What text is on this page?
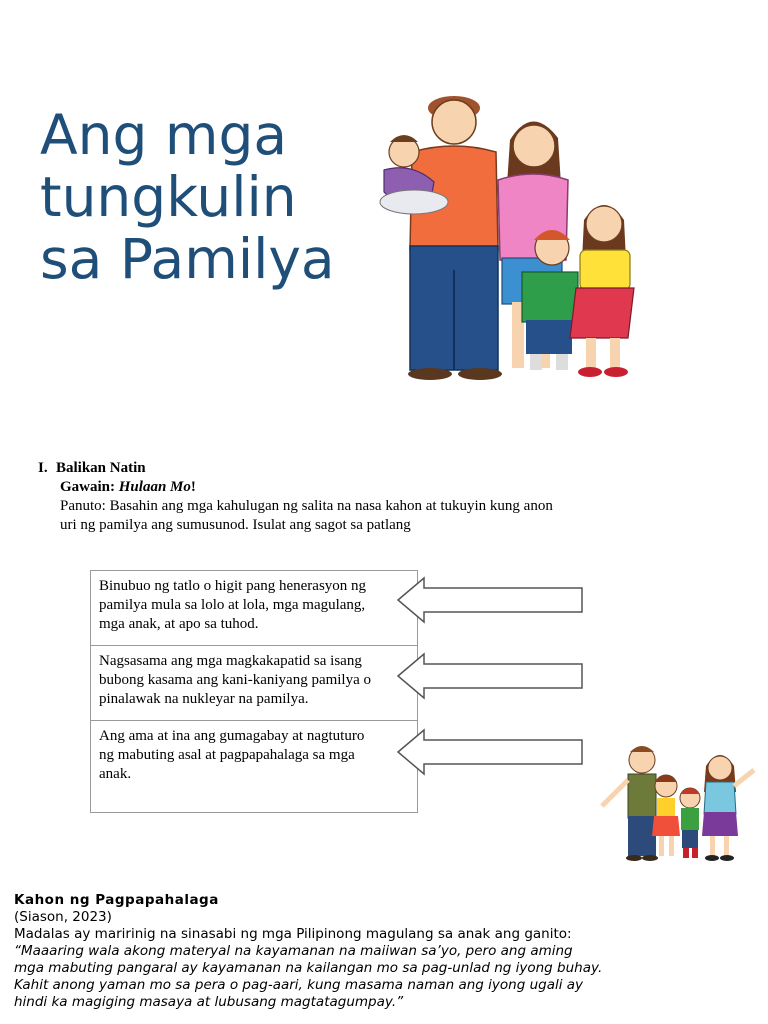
Ang mga
tungkulin
sa Pamilya
I. Balikan Natin
Gawain: Hulaan Mo!
Panuto: Basahin ang mga kahulugan ng salita na nasa kahon at tukuyin kung anon
uri ng pamilya ang sumusunod. Isulat ang sagot sa patlang
Binubuo ng tatlo o higit pang henerasyon ng
pamilya mula sa lolo at lola, mga magulang,
mga anak, at apo sa tuhod.
Nagsasama ang mga magkakapatid sa isang
bubong kasama ang kani-kaniyang pamilya o
pinalawak na nukleyar na pamilya.
Ang ama at ina ang gumagabay at nagtuturo
ng mabuting asal at pagpapahalaga sa mga
anak.
Kahon ng Pagpapahalaga
(Siason, 2023)
Madalas ay maririnig na sinasabi ng mga Pilipinong magulang sa anak ang ganito:
“Maaaring wala akong materyal na kayamanan na maiiwan sa’yo, pero ang aming
mga mabuting pangaral ay kayamanan na kailangan mo sa pag-unlad ng iyong buhay.
Kahit anong yaman mo sa pera o pag-aari, kung masama naman ang iyong ugali ay
hindi ka magiging masaya at lubusang magtatagumpay.”
